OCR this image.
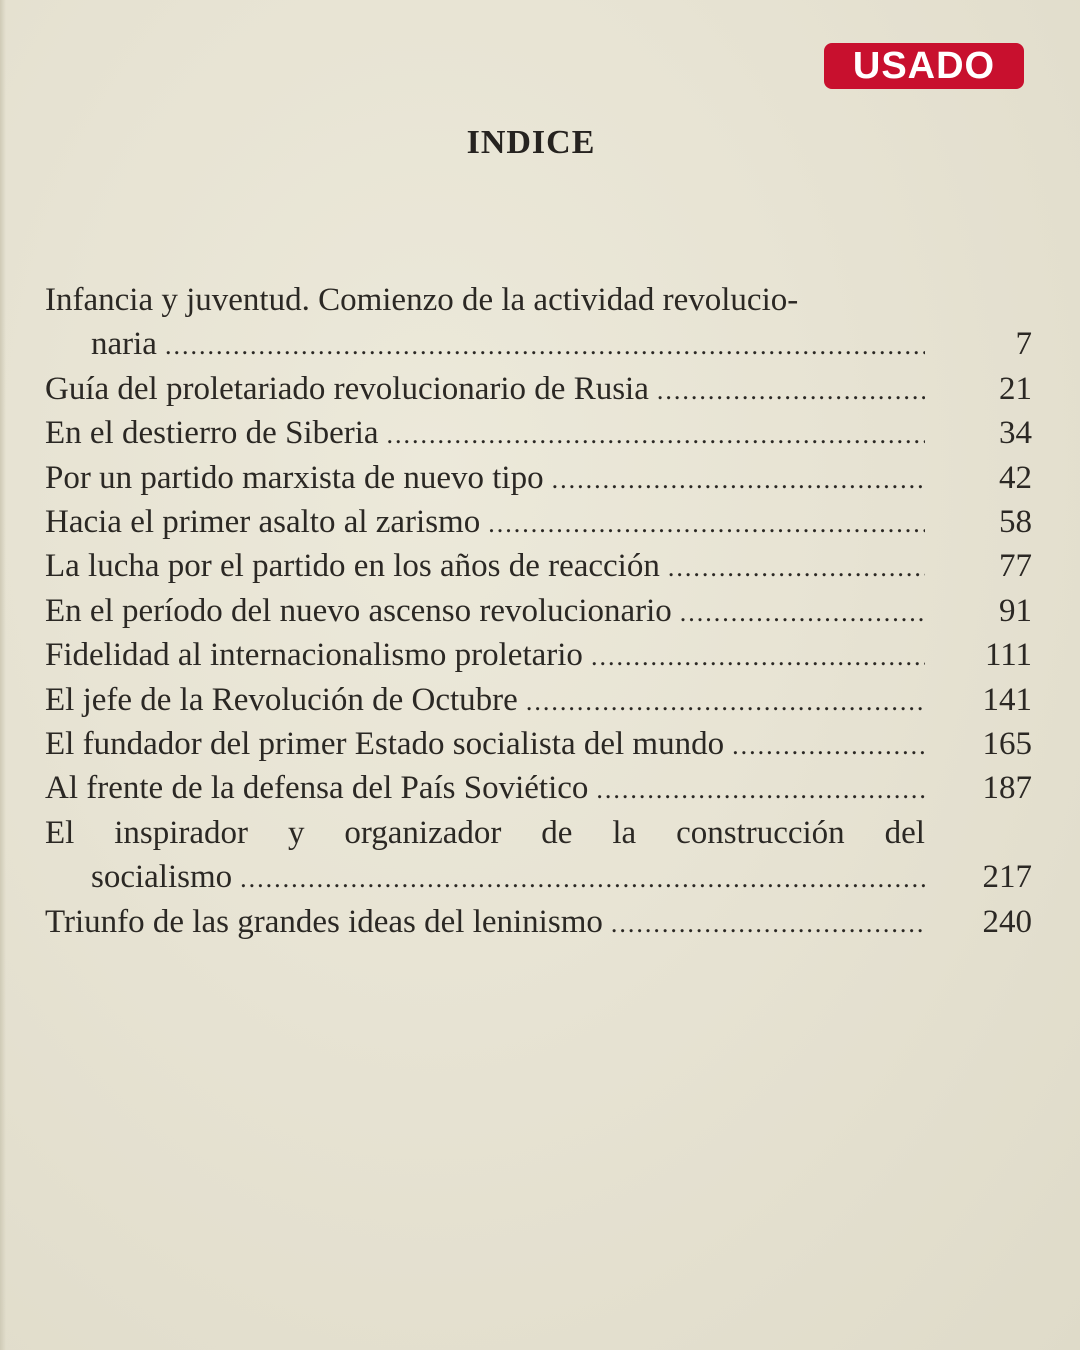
USADO
INDICE
Infancia y juventud. Comienzo de la actividad revolucio-
naria .....	7
Guía del proletariado revolucionario de Rusia .....	21
En el destierro de Siberia .....	34
Por un partido marxista de nuevo tipo .....	42
Hacia el primer asalto al zarismo .....	58
La lucha por el partido en los años de reacción .....	77
En el período del nuevo ascenso revolucionario .....	91
Fidelidad al internacionalismo proletario .....	111
El jefe de la Revolución de Octubre .....	141
El fundador del primer Estado socialista del mundo .....	165
Al frente de la defensa del País Soviético .....	187
El inspirador y organizador de la construcción del
socialismo .....	217
Triunfo de las grandes ideas del leninismo .....	240
